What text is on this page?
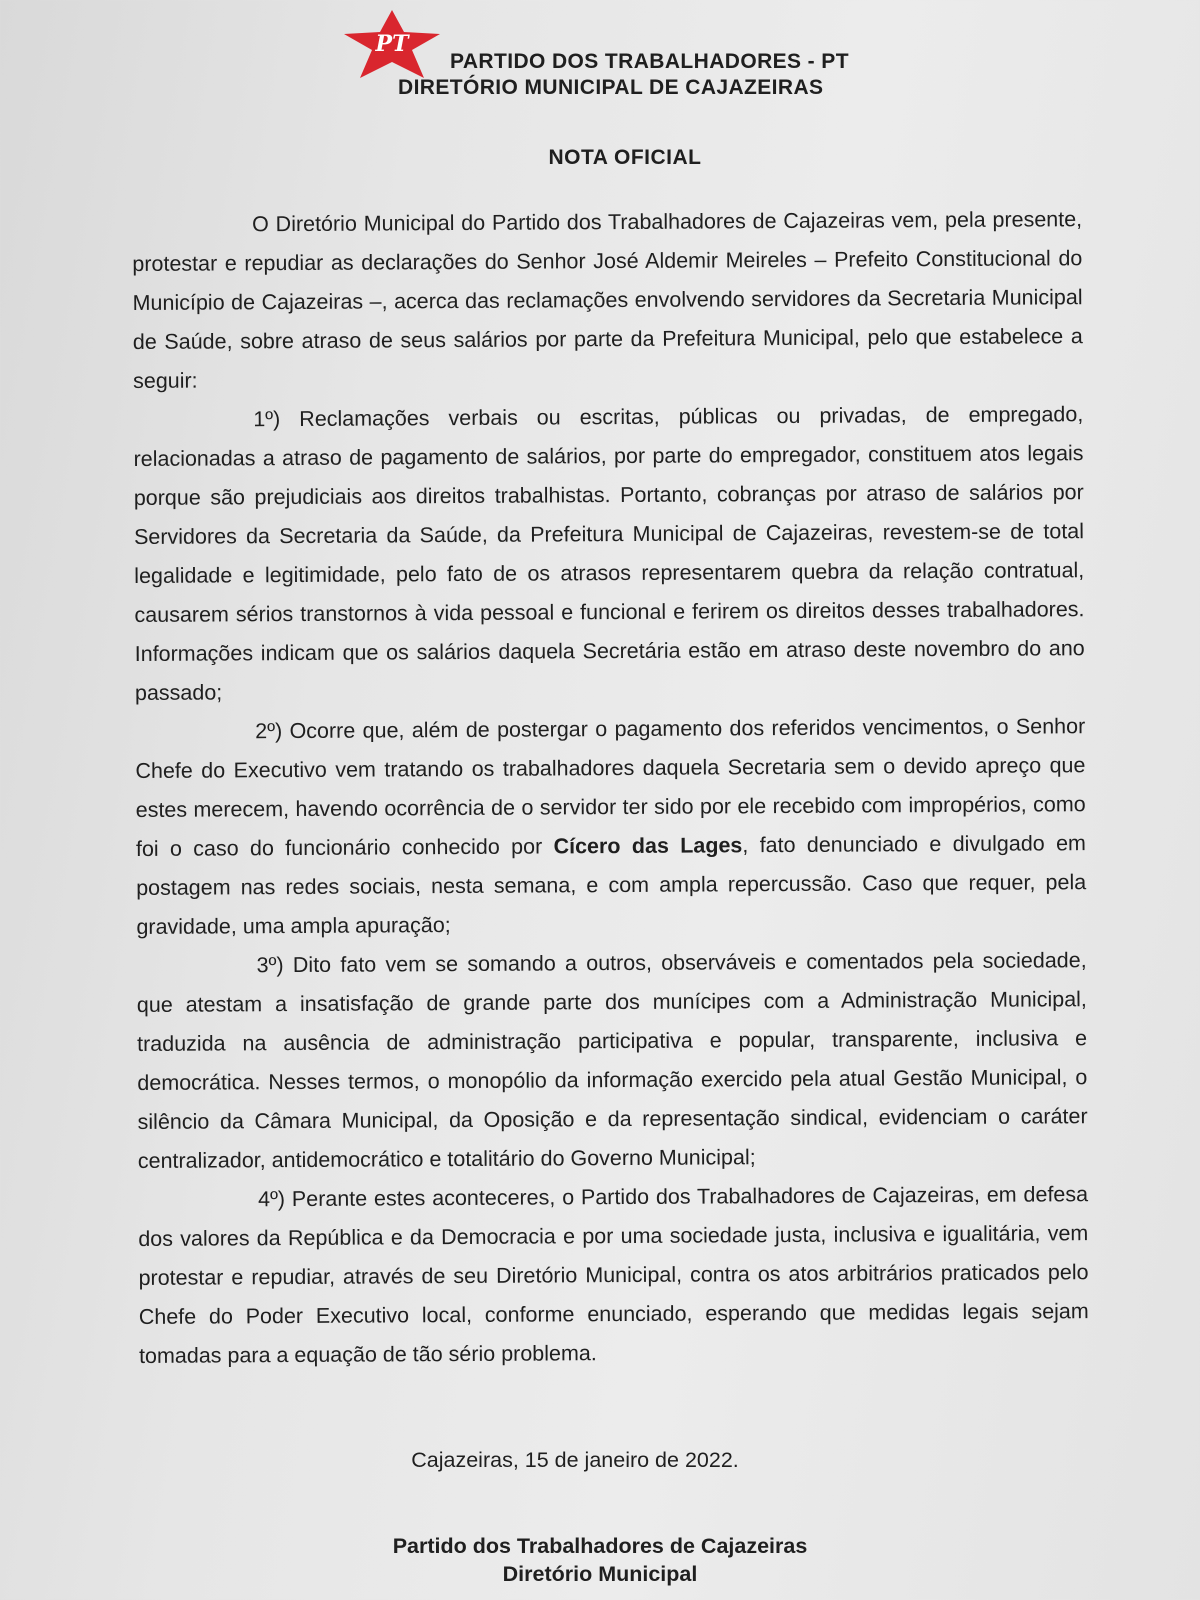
PT
PARTIDO DOS TRABALHADORES - PT
DIRETÓRIO MUNICIPAL DE CAJAZEIRAS
NOTA OFICIAL

O Diretório Municipal do Partido dos Trabalhadores de Cajazeiras vem, pela presente, protestar e repudiar as declarações do Senhor José Aldemir Meireles – Prefeito Constitucional do Município de Cajazeiras –, acerca das reclamações envolvendo servidores da Secretaria Municipal de Saúde, sobre atraso de seus salários por parte da Prefeitura Municipal, pelo que estabelece a seguir:

1º) Reclamações verbais ou escritas, públicas ou privadas, de empregado, relacionadas a atraso de pagamento de salários, por parte do empregador, constituem atos legais porque são prejudiciais aos direitos trabalhistas. Portanto, cobranças por atraso de salários por Servidores da Secretaria da Saúde, da Prefeitura Municipal de Cajazeiras, revestem-se de total legalidade e legitimidade, pelo fato de os atrasos representarem quebra da relação contratual, causarem sérios transtornos à vida pessoal e funcional e ferirem os direitos desses trabalhadores. Informações indicam que os salários daquela Secretária estão em atraso deste novembro do ano passado;

2º) Ocorre que, além de postergar o pagamento dos referidos vencimentos, o Senhor Chefe do Executivo vem tratando os trabalhadores daquela Secretaria sem o devido apreço que estes merecem, havendo ocorrência de o servidor ter sido por ele recebido com impropérios, como foi o caso do funcionário conhecido por Cícero das Lages, fato denunciado e divulgado em postagem nas redes sociais, nesta semana, e com ampla repercussão. Caso que requer, pela gravidade, uma ampla apuração;

3º) Dito fato vem se somando a outros, observáveis e comentados pela sociedade, que atestam a insatisfação de grande parte dos munícipes com a Administração Municipal, traduzida na ausência de administração participativa e popular, transparente, inclusiva e democrática. Nesses termos, o monopólio da informação exercido pela atual Gestão Municipal, o silêncio da Câmara Municipal, da Oposição e da representação sindical, evidenciam o caráter centralizador, antidemocrático e totalitário do Governo Municipal;

4º) Perante estes aconteceres, o Partido dos Trabalhadores de Cajazeiras, em defesa dos valores da República e da Democracia e por uma sociedade justa, inclusiva e igualitária, vem protestar e repudiar, através de seu Diretório Municipal, contra os atos arbitrários praticados pelo Chefe do Poder Executivo local, conforme enunciado, esperando que medidas legais sejam tomadas para a equação de tão sério problema.

Cajazeiras, 15 de janeiro de 2022.
Partido dos Trabalhadores de Cajazeiras
Diretório Municipal
